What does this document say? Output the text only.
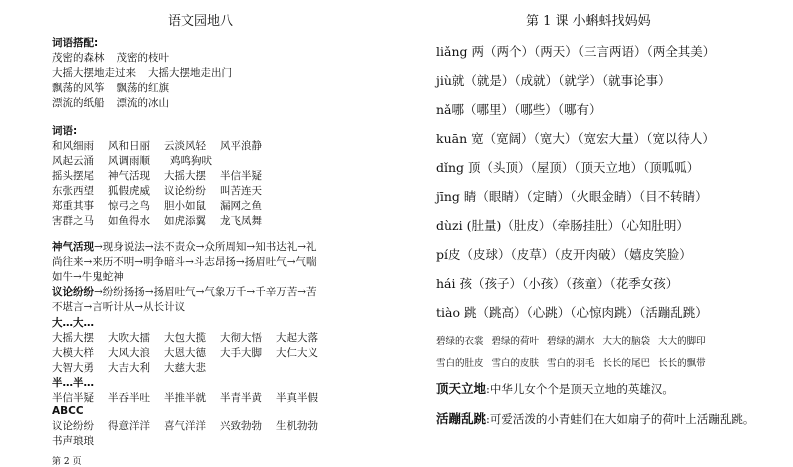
语文园地八
词语搭配:
茂密的森林 茂密的枝叶
大摇大摆地走过来 大摇大摆地走出门
飘荡的风筝 飘荡的红旗
漂流的纸船 漂流的冰山
词语:
和风细雨 风和日丽 云淡风轻 风平浪静
风起云涌 风调雨顺 鸡鸣狗吠
摇头摆尾 神气活现 大摇大摆 半信半疑
东张西望 狐假虎威 议论纷纷 叫苦连天
郑重其事 惊弓之鸟 胆小如鼠 漏网之鱼
害群之马 如鱼得水 如虎添翼 龙飞凤舞
神气活现→现身说法→法不责众→众所周知→知书达礼→礼
尚往来→来历不明→明争暗斗→斗志昂扬→扬眉吐气→气喘
如牛→牛鬼蛇神
议论纷纷→纷纷扬扬→扬眉吐气→气象万千→千辛万苦→苦
不堪言→言听计从→从长计议
大…大…
大摇大摆 大吹大擂 大包大揽 大彻大悟 大起大落
大模大样 大风大浪 大恩大德 大手大脚 大仁大义
大智大勇 大吉大利 大慈大悲
半…半…
半信半疑 半吞半吐 半推半就 半青半黄 半真半假
ABCC
议论纷纷 得意洋洋 喜气洋洋 兴致勃勃 生机勃勃
书声琅琅
第 2 页
第 1 课 小蝌蚪找妈妈
liǎng 两（两个）（两天）（三言两语）（两全其美）
jiù就（就是）（成就）（就学）（就事论事）
nǎ哪（哪里）（哪些）（哪有）
kuān 宽（宽阔）（宽大）（宽宏大量）（宽以待人）
dǐng 顶（头顶）（屋顶）（顶天立地）（顶呱呱）
jīng 睛（眼睛）（定睛）（火眼金睛）（目不转睛）
dùzi (肚量)（肚皮）（牵肠挂肚）（心知肚明）
pí皮（皮球）（皮草）（皮开肉破）（嬉皮笑脸）
hái 孩（孩子）（小孩）（孩童）（花季女孩）
tiào 跳（跳高）（心跳）（心惊肉跳）（活蹦乱跳）
碧绿的衣裳 碧绿的荷叶 碧绿的湖水 大大的脑袋 大大的脚印
雪白的肚皮 雪白的皮肤 雪白的羽毛 长长的尾巴 长长的飘带
顶天立地:中华儿女个个是顶天立地的英雄汉。
活蹦乱跳:可爱活泼的小青蛙们在大如扇子的荷叶上活蹦乱跳。
